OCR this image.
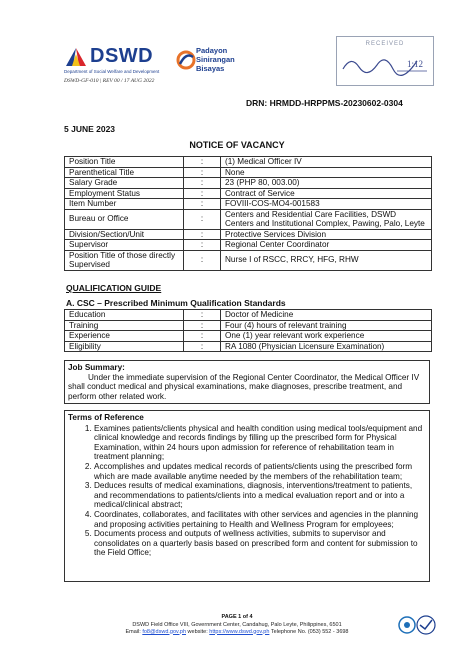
DSWD
Department of Social Welfare and Development
DSWD-GF-010 | REV 00 / 17 AUG 2022
Padayon
Sinirangan
Bisayas
RECEIVED
1:12
DRN: HRMDD-HRPPMS-20230602-0304
5 JUNE 2023
NOTICE OF VACANCY
Position Title	:	(1) Medical Officer IV
Parenthetical Title	:	None
Salary Grade	:	23 (PHP 80, 003.00)
Employment Status	:	Contract of Service
Item Number	:	FOVIII-COS-MO4-001583
Bureau or Office	:	Centers and Residential Care Facilities, DSWD Centers and Institutional Complex, Pawing, Palo, Leyte
Division/Section/Unit	:	Protective Services Division
Supervisor	:	Regional Center Coordinator
Position Title of those directly Supervised	:	Nurse I of RSCC, RRCY, HFG, RHW
QUALIFICATION GUIDE
A. CSC – Prescribed Minimum Qualification Standards
Education	:	Doctor of Medicine
Training	:	Four (4) hours of relevant training
Experience	:	One (1) year relevant work experience
Eligibility	:	RA 1080 (Physician Licensure Examination)
Job Summary:
Under the immediate supervision of the Regional Center Coordinator, the Medical Officer IV shall conduct medical and physical examinations, make diagnoses, prescribe treatment, and perform other related work.
Terms of Reference
1. Examines patients/clients physical and health condition using medical tools/equipment and clinical knowledge and records findings by filling up the prescribed form for Physical Examination, within 24 hours upon admission for reference of rehabilitation team in treatment planning;
2. Accomplishes and updates medical records of patients/clients using the prescribed form which are made available anytime needed by the members of the rehabilitation team;
3. Deduces results of medical examinations, diagnosis, interventions/treatment to patients, and recommendations to patients/clients into a medical evaluation report and or into a medical/clinical abstract;
4. Coordinates, collaborates, and facilitates with other services and agencies in the planning and proposing activities pertaining to Health and Wellness Program for employees;
5. Documents process and outputs of wellness activities, submits to supervisor and consolidates on a quarterly basis based on prescribed form and content for submission to the Field Office;
PAGE 1 of 4
DSWD Field Office VIII, Government Center, Candahug, Palo Leyte, Philippines, 6501
Email: fo8@dswd.gov.ph website: https://www.dswd.gov.ph Telephone No. (053) 552 - 3698
